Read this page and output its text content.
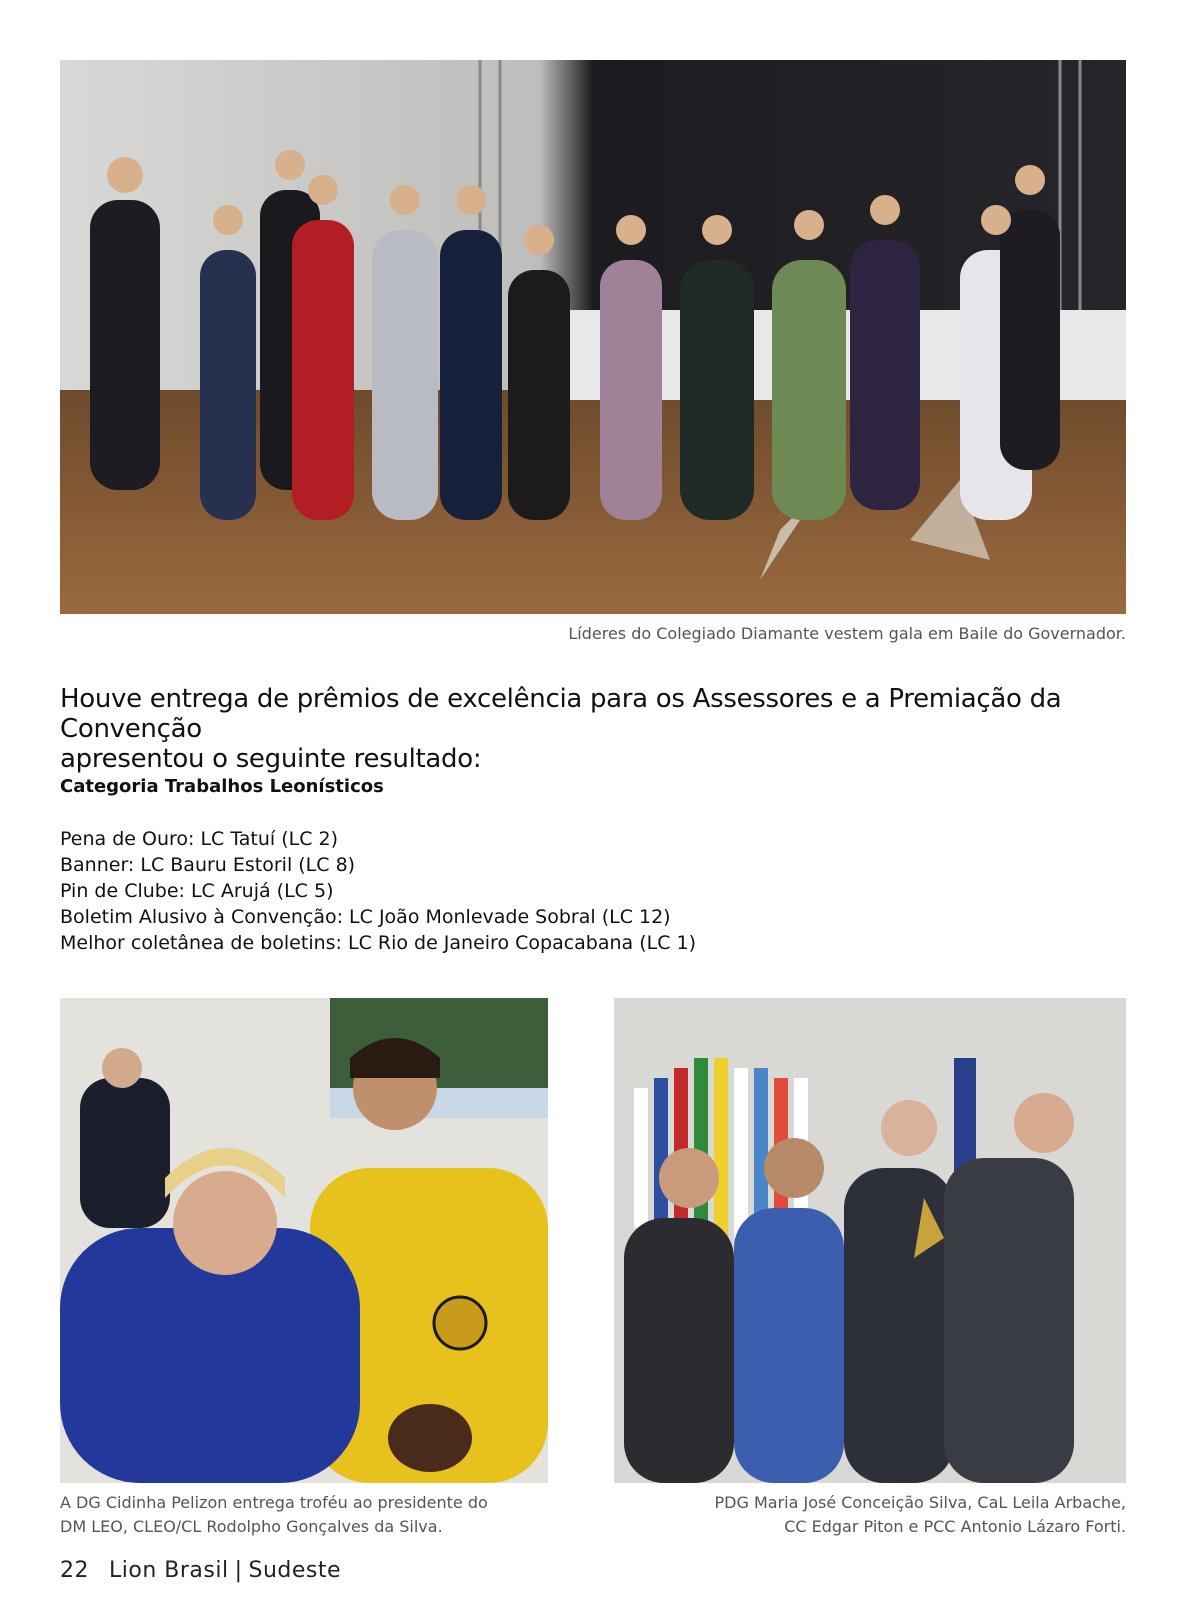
Líderes do Colegiado Diamante vestem gala em Baile do Governador.
Houve entrega de prêmios de excelência para os Assessores e a Premiação da Convenção
apresentou o seguinte resultado:
Categoria Trabalhos Leonísticos
Pena de Ouro: LC Tatuí (LC 2)
Banner: LC Bauru Estoril (LC 8)
Pin de Clube: LC Arujá (LC 5)
Boletim Alusivo à Convenção: LC João Monlevade Sobral (LC 12)
Melhor coletânea de boletins: LC Rio de Janeiro Copacabana (LC 1)
A DG Cidinha Pelizon entrega troféu ao presidente do
DM LEO, CLEO/CL Rodolpho Gonçalves da Silva.
PDG Maria José Conceição Silva, CaL Leila Arbache,
CC Edgar Piton e PCC Antonio Lázaro Forti.
22 Lion Brasil | Sudeste
